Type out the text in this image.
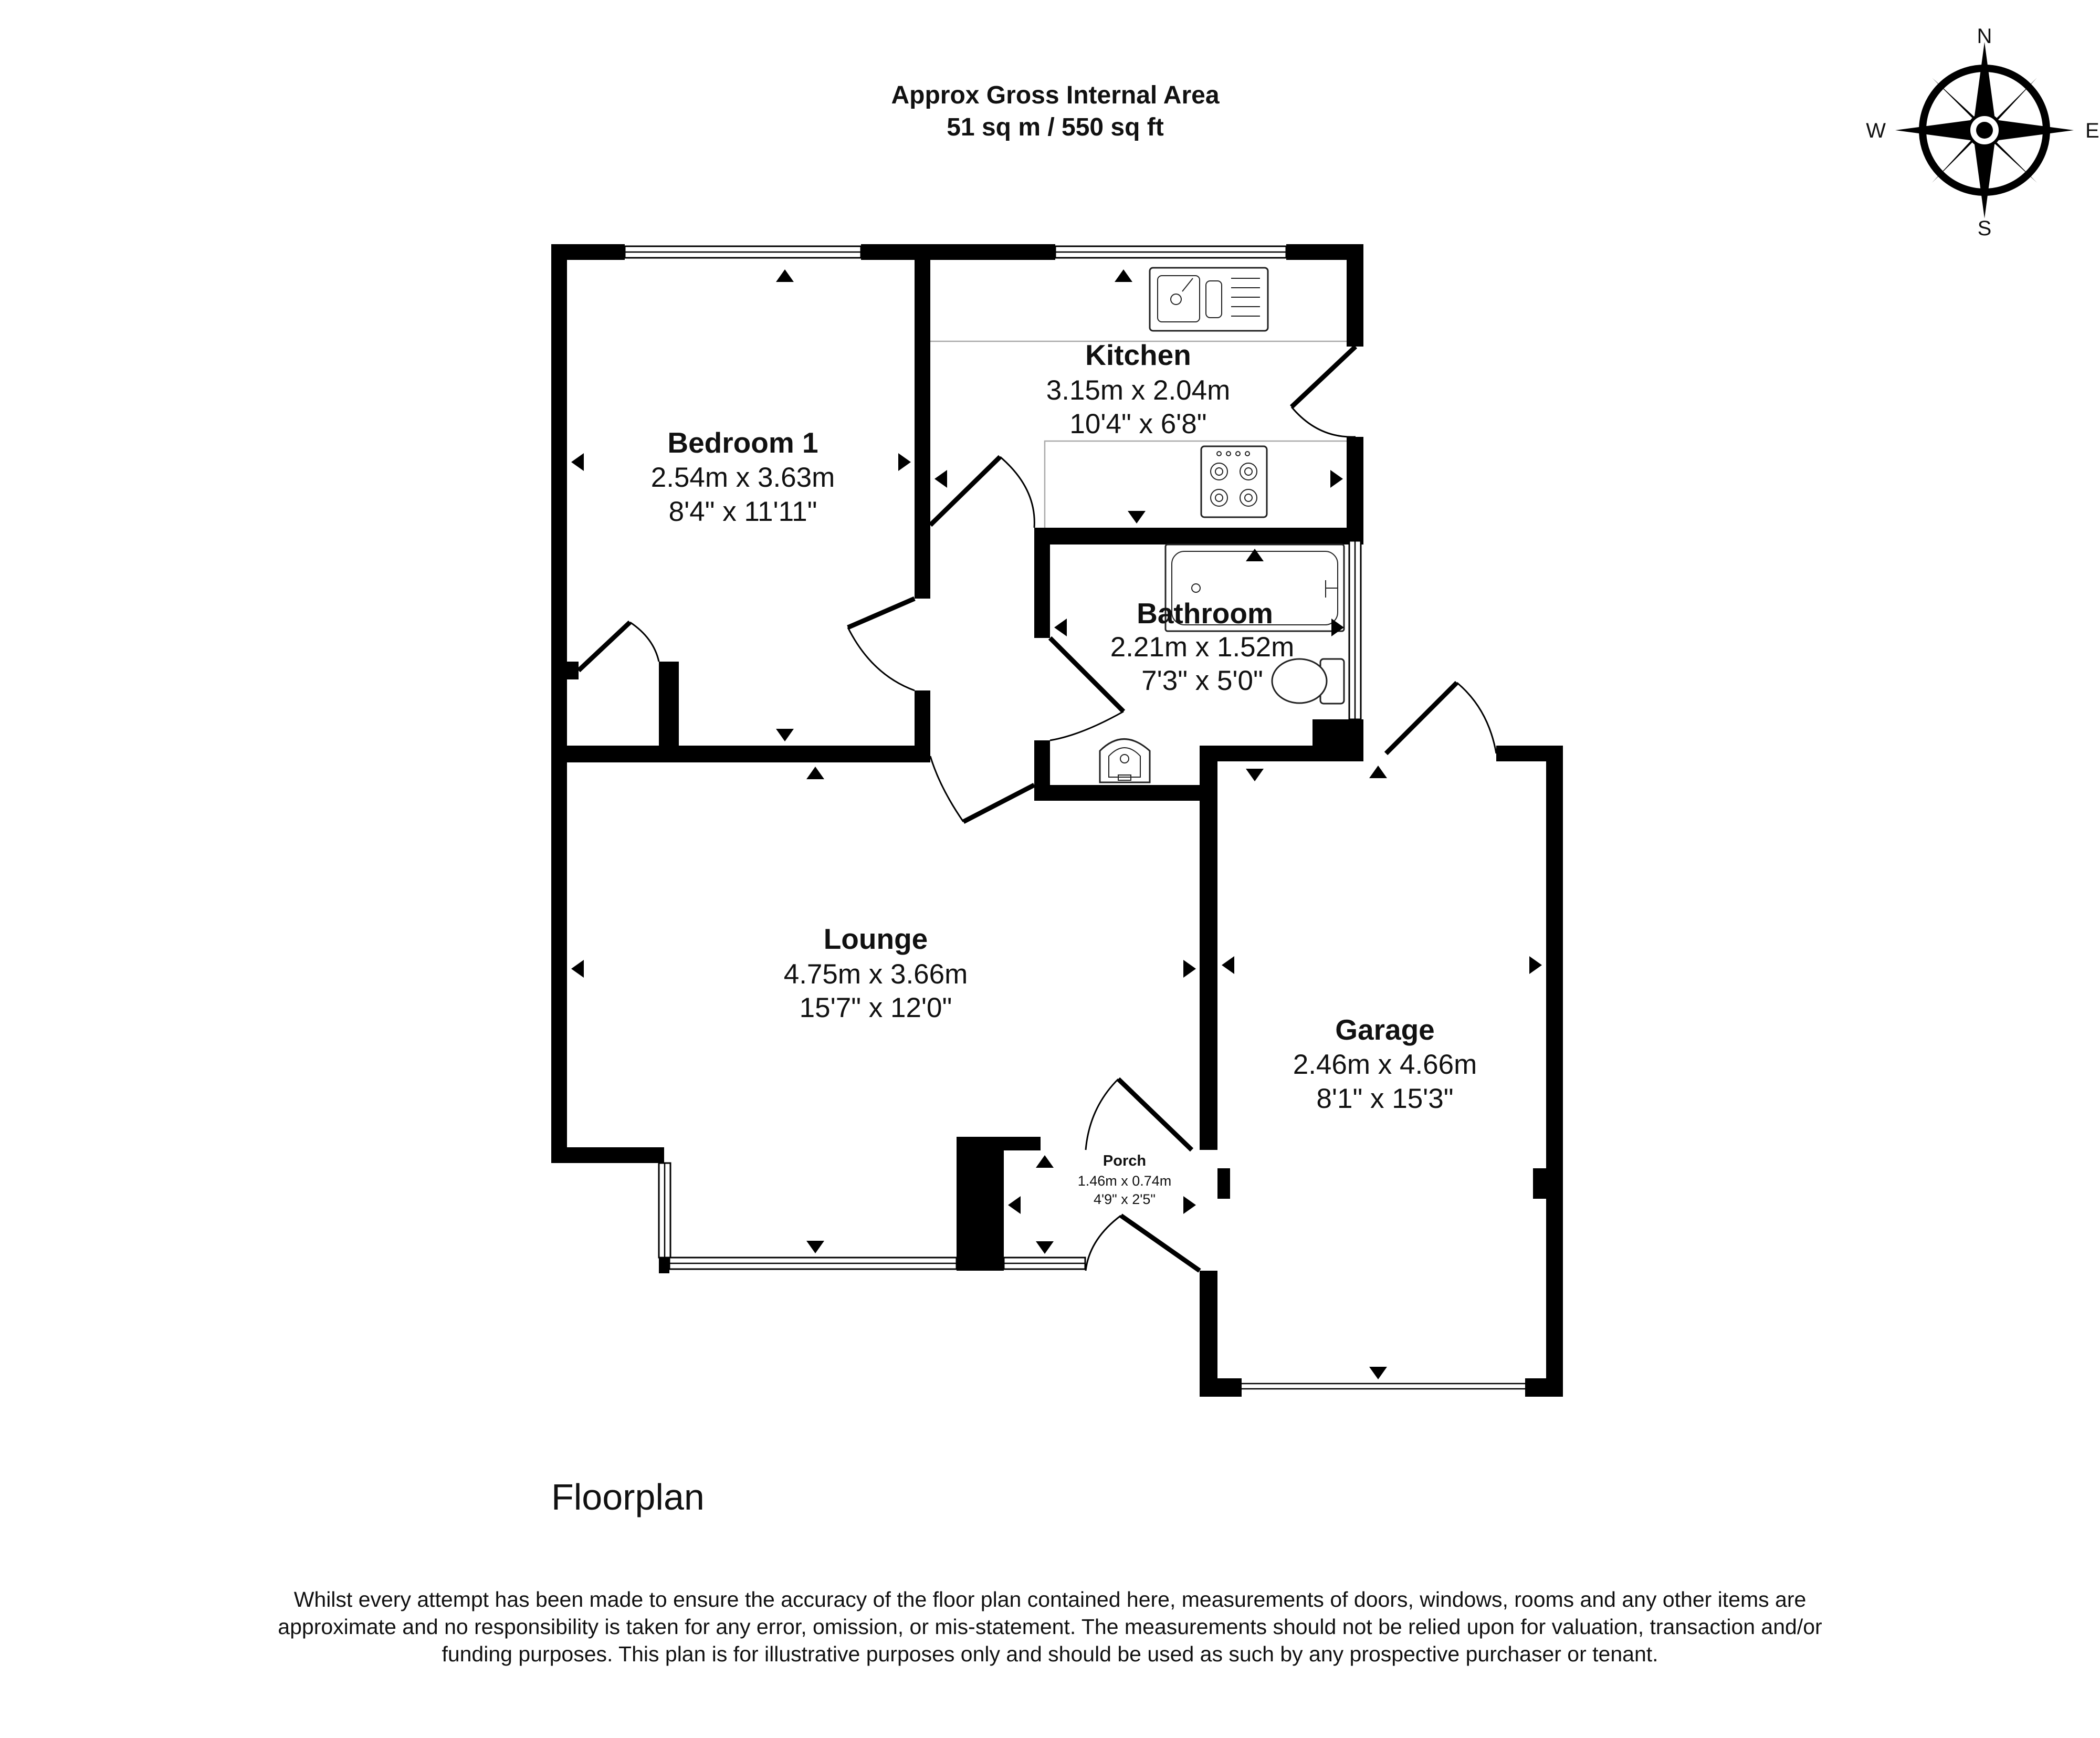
Approx Gross Internal Area
51 sq m / 550 sq ft
N
S
W	E
Bedroom 1
2.54m x 3.63m
8'4" x 11'11"
Kitchen
3.15m x 2.04m
10'4" x 6'8"
Bathroom
2.21m x 1.52m
7'3" x 5'0"
Lounge
4.75m x 3.66m
15'7" x 12'0"
Garage
2.46m x 4.66m
8'1" x 15'3"
Porch
1.46m x 0.74m
4'9" x 2'5"
Floorplan
Whilst every attempt has been made to ensure the accuracy of the floor plan contained here, measurements of doors, windows, rooms and any other items are approximate and no responsibility is taken for any error, omission, or mis-statement. The measurements should not be relied upon for valuation, transaction and/or funding purposes. This plan is for illustrative purposes only and should be used as such by any prospective purchaser or tenant.
